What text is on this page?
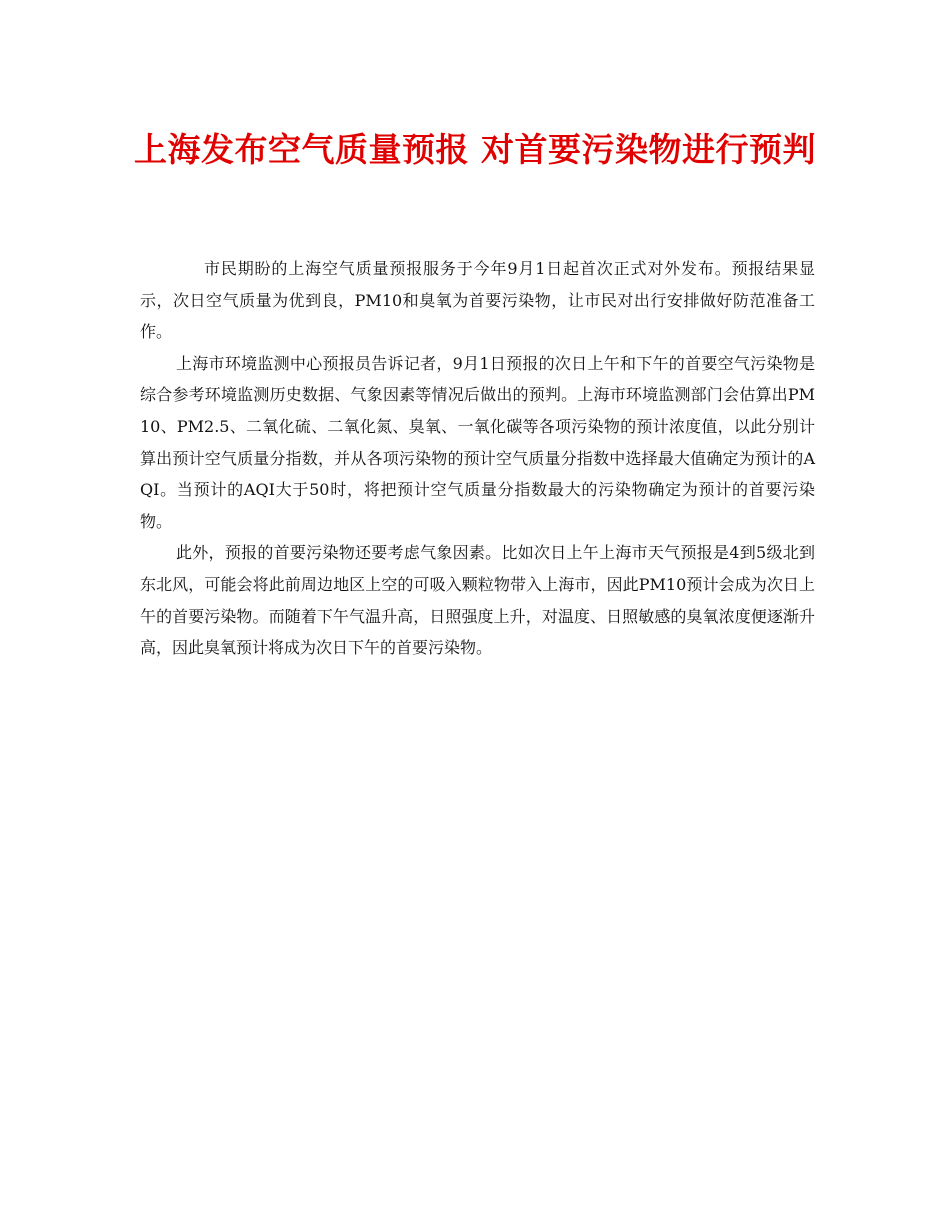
上海发布空气质量预报 对首要污染物进行预判

市民期盼的上海空气质量预报服务于今年9月1日起首次正式对外发布。预报结果显示，次日空气质量为优到良，PM10和臭氧为首要污染物，让市民对出行安排做好防范准备工作。

上海市环境监测中心预报员告诉记者，9月1日预报的次日上午和下午的首要空气污染物是综合参考环境监测历史数据、气象因素等情况后做出的预判。上海市环境监测部门会估算出PM10、PM2.5、二氧化硫、二氧化氮、臭氧、一氧化碳等各项污染物的预计浓度值，以此分别计算出预计空气质量分指数，并从各项污染物的预计空气质量分指数中选择最大值确定为预计的AQI。当预计的AQI大于50时，将把预计空气质量分指数最大的污染物确定为预计的首要污染物。

此外，预报的首要污染物还要考虑气象因素。比如次日上午上海市天气预报是4到5级北到东北风，可能会将此前周边地区上空的可吸入颗粒物带入上海市，因此PM10预计会成为次日上午的首要污染物。而随着下午气温升高，日照强度上升，对温度、日照敏感的臭氧浓度便逐渐升高，因此臭氧预计将成为次日下午的首要污染物。
